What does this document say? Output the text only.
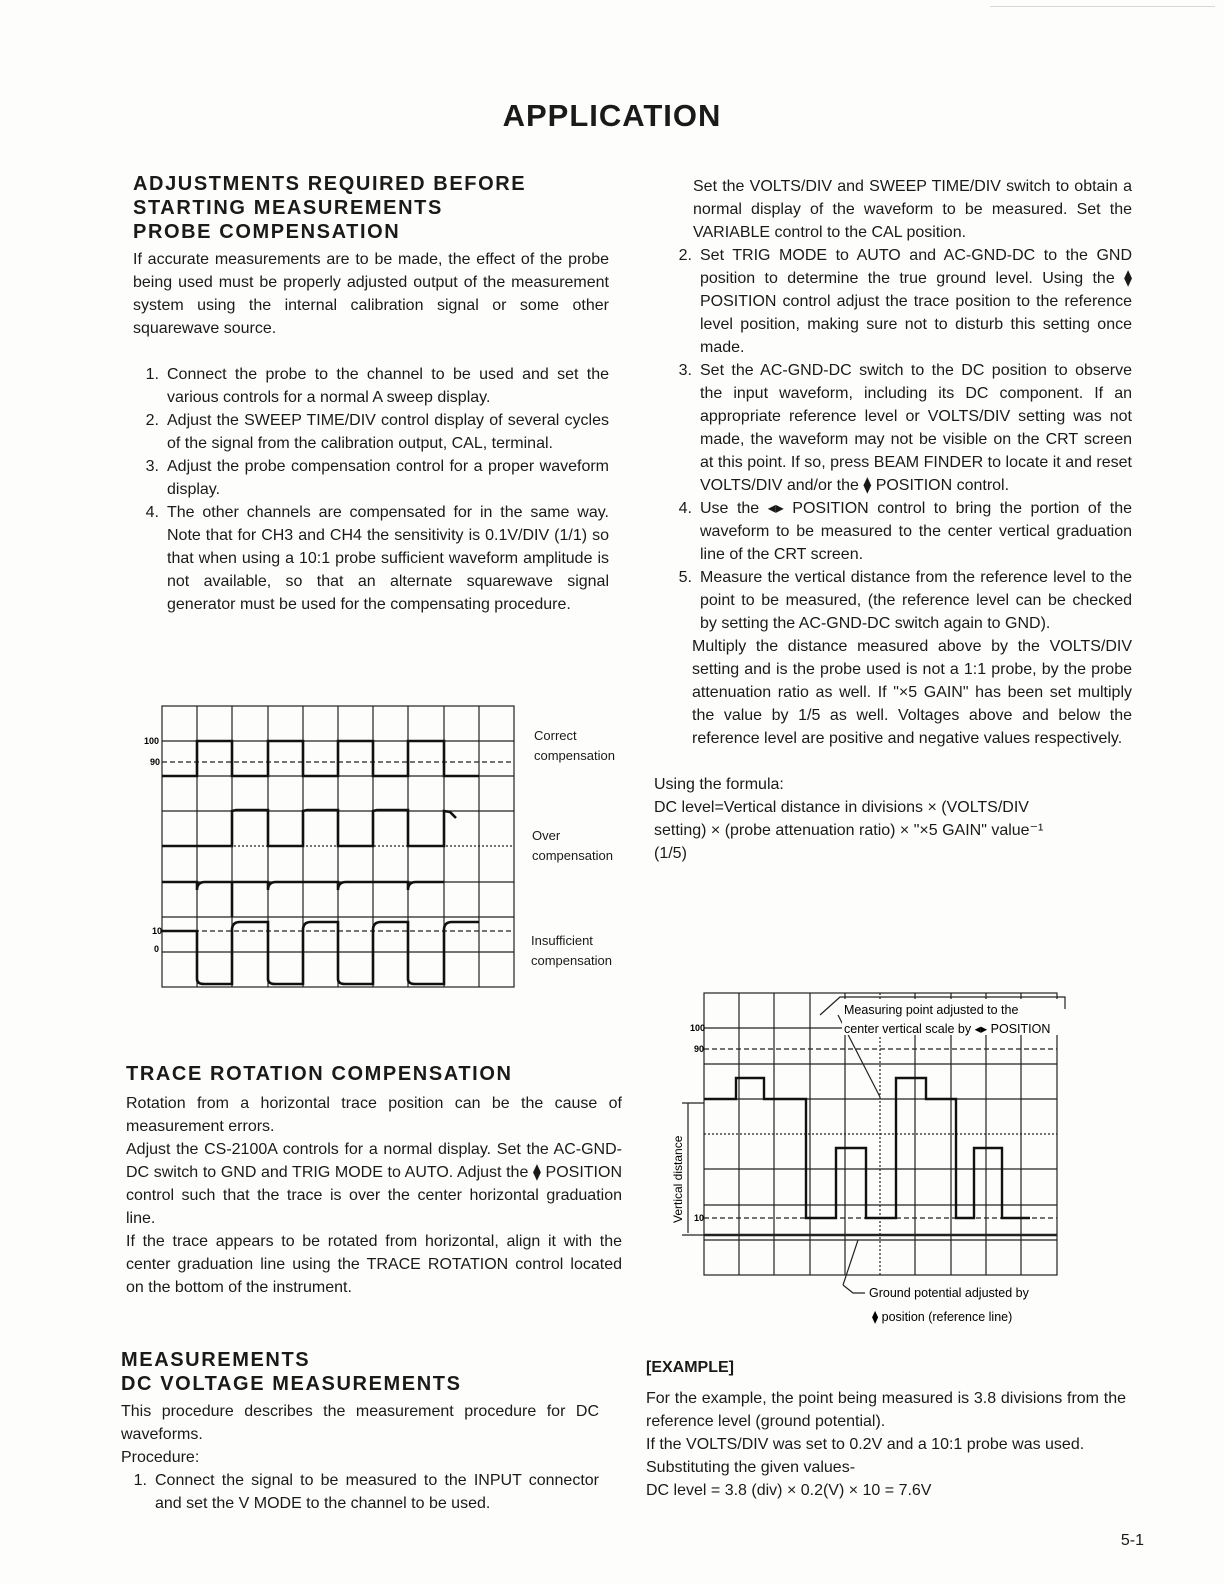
APPLICATION
ADJUSTMENTS REQUIRED BEFORE
STARTING MEASUREMENTS
PROBE COMPENSATION

If accurate measurements are to be made, the effect of the probe being used must be properly adjusted output of the measurement system using the internal calibration signal or some other squarewave source.

1. Connect the probe to the channel to be used and set the various controls for a normal A sweep display.
2. Adjust the SWEEP TIME/DIV control display of several cycles of the signal from the calibration output, CAL, terminal.
3. Adjust the probe compensation control for a proper waveform display.
4. The other channels are compensated for in the same way. Note that for CH3 and CH4 the sensitivity is 0.1V/DIV (1/1) so that when using a 10:1 probe sufficient waveform amplitude is not available, so that an alternate squarewave signal generator must be used for the compensating procedure.
100
90
10
0
Correct compensation
Over compensation
Insufficient compensation
TRACE ROTATION COMPENSATION

Rotation from a horizontal trace position can be the cause of measurement errors.

Adjust the CS-2100A controls for a normal display. Set the AC-GND-DC switch to GND and TRIG MODE to AUTO. Adjust the ⧫ POSITION control such that the trace is over the center horizontal graduation line.

If the trace appears to be rotated from horizontal, align it with the center graduation line using the TRACE ROTATION control located on the bottom of the instrument.

MEASUREMENTS
DC VOLTAGE MEASUREMENTS

This procedure describes the measurement procedure for DC waveforms.

Procedure:

1. Connect the signal to be measured to the INPUT connector and set the V MODE to the channel to be used.

Set the VOLTS/DIV and SWEEP TIME/DIV switch to obtain a normal display of the waveform to be measured. Set the VARIABLE control to the CAL position.

2. Set TRIG MODE to AUTO and AC-GND-DC to the GND position to determine the true ground level. Using the ⧫ POSITION control adjust the trace position to the reference level position, making sure not to disturb this setting once made.
3. Set the AC-GND-DC switch to the DC position to observe the input waveform, including its DC component. If an appropriate reference level or VOLTS/DIV setting was not made, the waveform may not be visible on the CRT screen at this point. If so, press BEAM FINDER to locate it and reset VOLTS/DIV and/or the ⧫ POSITION control.
4. Use the ◂▸ POSITION control to bring the portion of the waveform to be measured to the center vertical graduation line of the CRT screen.
5. Measure the vertical distance from the reference level to the point to be measured, (the reference level can be checked by setting the AC-GND-DC switch again to GND).

Multiply the distance measured above by the VOLTS/DIV setting and is the probe used is not a 1:1 probe, by the probe attenuation ratio as well. If "×5 GAIN" has been set multiply the value by 1/5 as well. Voltages above and below the reference level are positive and negative values respectively.

Using the formula:

DC level=Vertical distance in divisions × (VOLTS/DIV

setting) × (probe attenuation ratio) × "×5 GAIN" value⁻¹

(1/5)

100
90
10
Vertical distance
Measuring point adjusted to the
center vertical scale by ◂▸ POSITION
Ground potential adjusted by
⧫ position (reference line)

[EXAMPLE]

For the example, the point being measured is 3.8 divisions from the reference level (ground potential).

If the VOLTS/DIV was set to 0.2V and a 10:1 probe was used.

Substituting the given values-

DC level = 3.8 (div) × 0.2(V) × 10 = 7.6V

5-1
